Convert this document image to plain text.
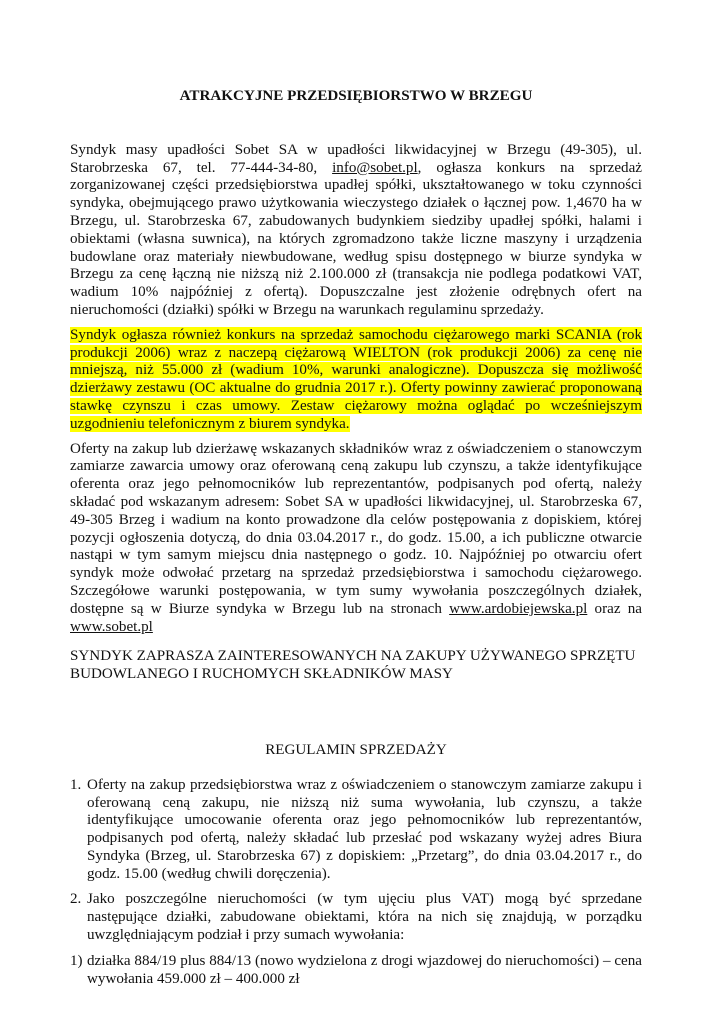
ATRAKCYJNE PRZEDSIĘBIORSTWO W BRZEGU

Syndyk masy upadłości Sobet SA w upadłości likwidacyjnej w Brzegu (49-305), ul. Starobrzeska 67, tel. 77-444-34-80, info@sobet.pl, ogłasza konkurs na sprzedaż zorganizowanej części przedsiębiorstwa upadłej spółki, ukształtowanego w toku czynności syndyka, obejmującego prawo użytkowania wieczystego działek o łącznej pow. 1,4670 ha w Brzegu, ul. Starobrzeska 67, zabudowanych budynkiem siedziby upadłej spółki, halami i obiektami (własna suwnica), na których zgromadzono także liczne maszyny i urządzenia budowlane oraz materiały niewbudowane, według spisu dostępnego w biurze syndyka w Brzegu za cenę łączną nie niższą niż 2.100.000 zł (transakcja nie podlega podatkowi VAT, wadium 10% najpóźniej z ofertą). Dopuszczalne jest złożenie odrębnych ofert na nieruchomości (działki) spółki w Brzegu na warunkach regulaminu sprzedaży.

Syndyk ogłasza również konkurs na sprzedaż samochodu ciężarowego marki SCANIA (rok produkcji 2006) wraz z naczepą ciężarową WIELTON (rok produkcji 2006) za cenę nie mniejszą, niż 55.000 zł (wadium 10%, warunki analogiczne). Dopuszcza się możliwość dzierżawy zestawu (OC aktualne do grudnia 2017 r.). Oferty powinny zawierać proponowaną stawkę czynszu i czas umowy. Zestaw ciężarowy można oglądać po wcześniejszym uzgodnieniu telefonicznym z biurem syndyka.

Oferty na zakup lub dzierżawę wskazanych składników wraz z oświadczeniem o stanowczym zamiarze zawarcia umowy oraz oferowaną ceną zakupu lub czynszu, a także identyfikujące oferenta oraz jego pełnomocników lub reprezentantów, podpisanych pod ofertą, należy składać pod wskazanym adresem: Sobet SA w upadłości likwidacyjnej, ul. Starobrzeska 67, 49-305 Brzeg i wadium na konto prowadzone dla celów postępowania z dopiskiem, której pozycji ogłoszenia dotyczą, do dnia 03.04.2017 r., do godz. 15.00, a ich publiczne otwarcie nastąpi w tym samym miejscu dnia następnego o godz. 10. Najpóźniej po otwarciu ofert syndyk może odwołać przetarg na sprzedaż przedsiębiorstwa i samochodu ciężarowego. Szczegółowe warunki postępowania, w tym sumy wywołania poszczególnych działek, dostępne są w Biurze syndyka w Brzegu lub na stronach www.ardobiejewska.pl oraz na www.sobet.pl

SYNDYK ZAPRASZA ZAINTERESOWANYCH NA ZAKUPY UŻYWANEGO SPRZĘTU BUDOWLANEGO I RUCHOMYCH SKŁADNIKÓW MASY

REGULAMIN SPRZEDAŻY
1. Oferty na zakup przedsiębiorstwa wraz z oświadczeniem o stanowczym zamiarze zakupu i oferowaną ceną zakupu, nie niższą niż suma wywołania, lub czynszu, a także identyfikujące umocowanie oferenta oraz jego pełnomocników lub reprezentantów, podpisanych pod ofertą, należy składać lub przesłać pod wskazany wyżej adres Biura Syndyka (Brzeg, ul. Starobrzeska 67) z dopiskiem: „Przetarg”, do dnia 03.04.2017 r., do godz. 15.00 (według chwili doręczenia).
2. Jako poszczególne nieruchomości (w tym ujęciu plus VAT) mogą być sprzedane następujące działki, zabudowane obiektami, która na nich się znajdują, w porządku uwzględniającym podział i przy sumach wywołania:
1) działka 884/19 plus 884/13 (nowo wydzielona z drogi wjazdowej do nieruchomości) – cena wywołania 459.000 zł – 400.000 zł
